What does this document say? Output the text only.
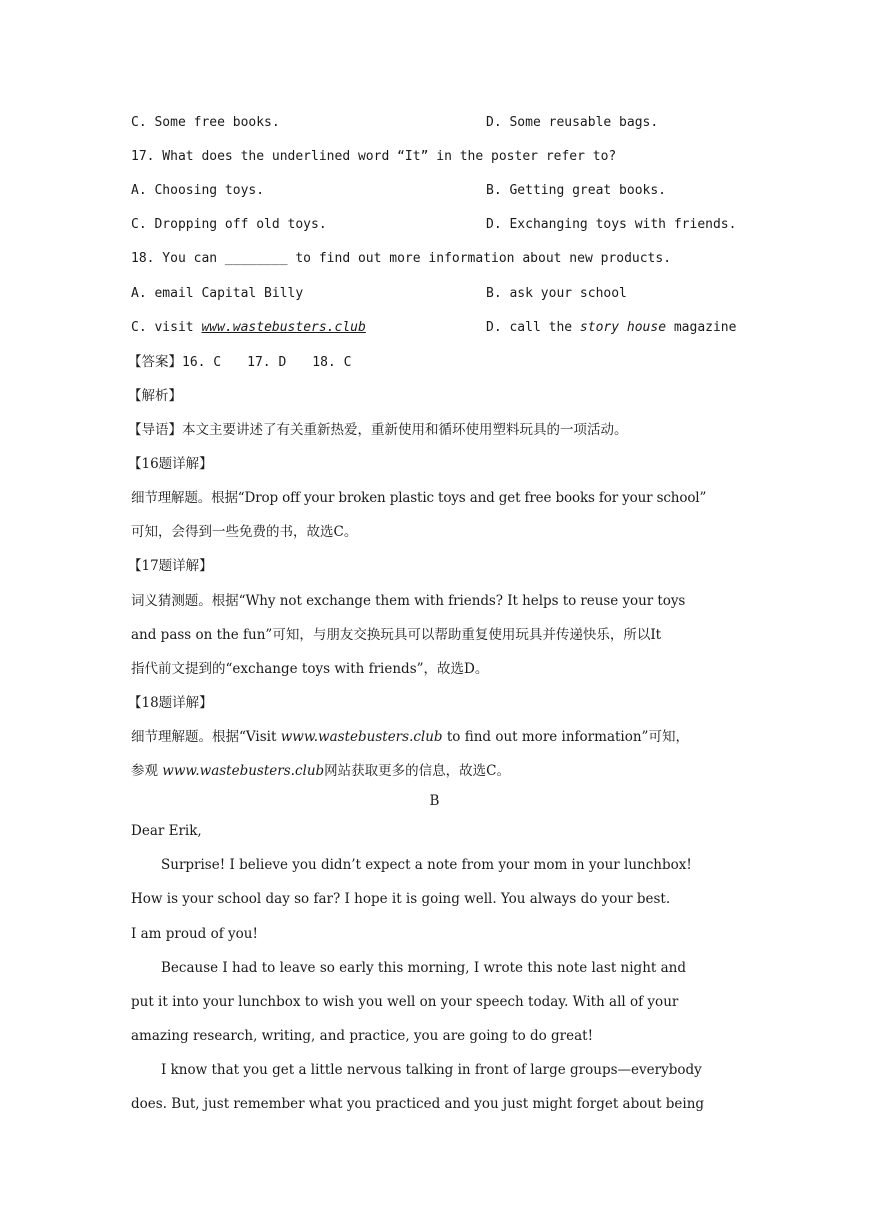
C. Some free books.	D. Some reusable bags.
17. What does the underlined word “It” in the poster refer to?
A. Choosing toys.	B. Getting great books.
C. Dropping off old toys.	D. Exchanging toys with friends.
18. You can ________ to find out more information about new products.
A. email Capital Billy	B. ask your school
C. visit www.wastebusters.club	D. call the story house magazine
【答案】16. C 17. D 18. C
【解析】
【导语】本文主要讲述了有关重新热爱，重新使用和循环使用塑料玩具的一项活动。
【16题详解】
细节理解题。根据“Drop off your broken plastic toys and get free books for your school”
可知，会得到一些免费的书，故选C。
【17题详解】
词义猜测题。根据“Why not exchange them with friends? It helps to reuse your toys
and pass on the fun”可知，与朋友交换玩具可以帮助重复使用玩具并传递快乐，所以It
指代前文提到的“exchange toys with friends”，故选D。
【18题详解】
细节理解题。根据“Visit www.wastebusters.club to find out more information”可知，
参观 www.wastebusters.club网站获取更多的信息，故选C。
B
Dear Erik,
Surprise! I believe you didn’t expect a note from your mom in your lunchbox!
How is your school day so far? I hope it is going well. You always do your best.
I am proud of you!
Because I had to leave so early this morning, I wrote this note last night and
put it into your lunchbox to wish you well on your speech today. With all of your
amazing research, writing, and practice, you are going to do great!
I know that you get a little nervous talking in front of large groups—everybody
does. But, just remember what you practiced and you just might forget about being
